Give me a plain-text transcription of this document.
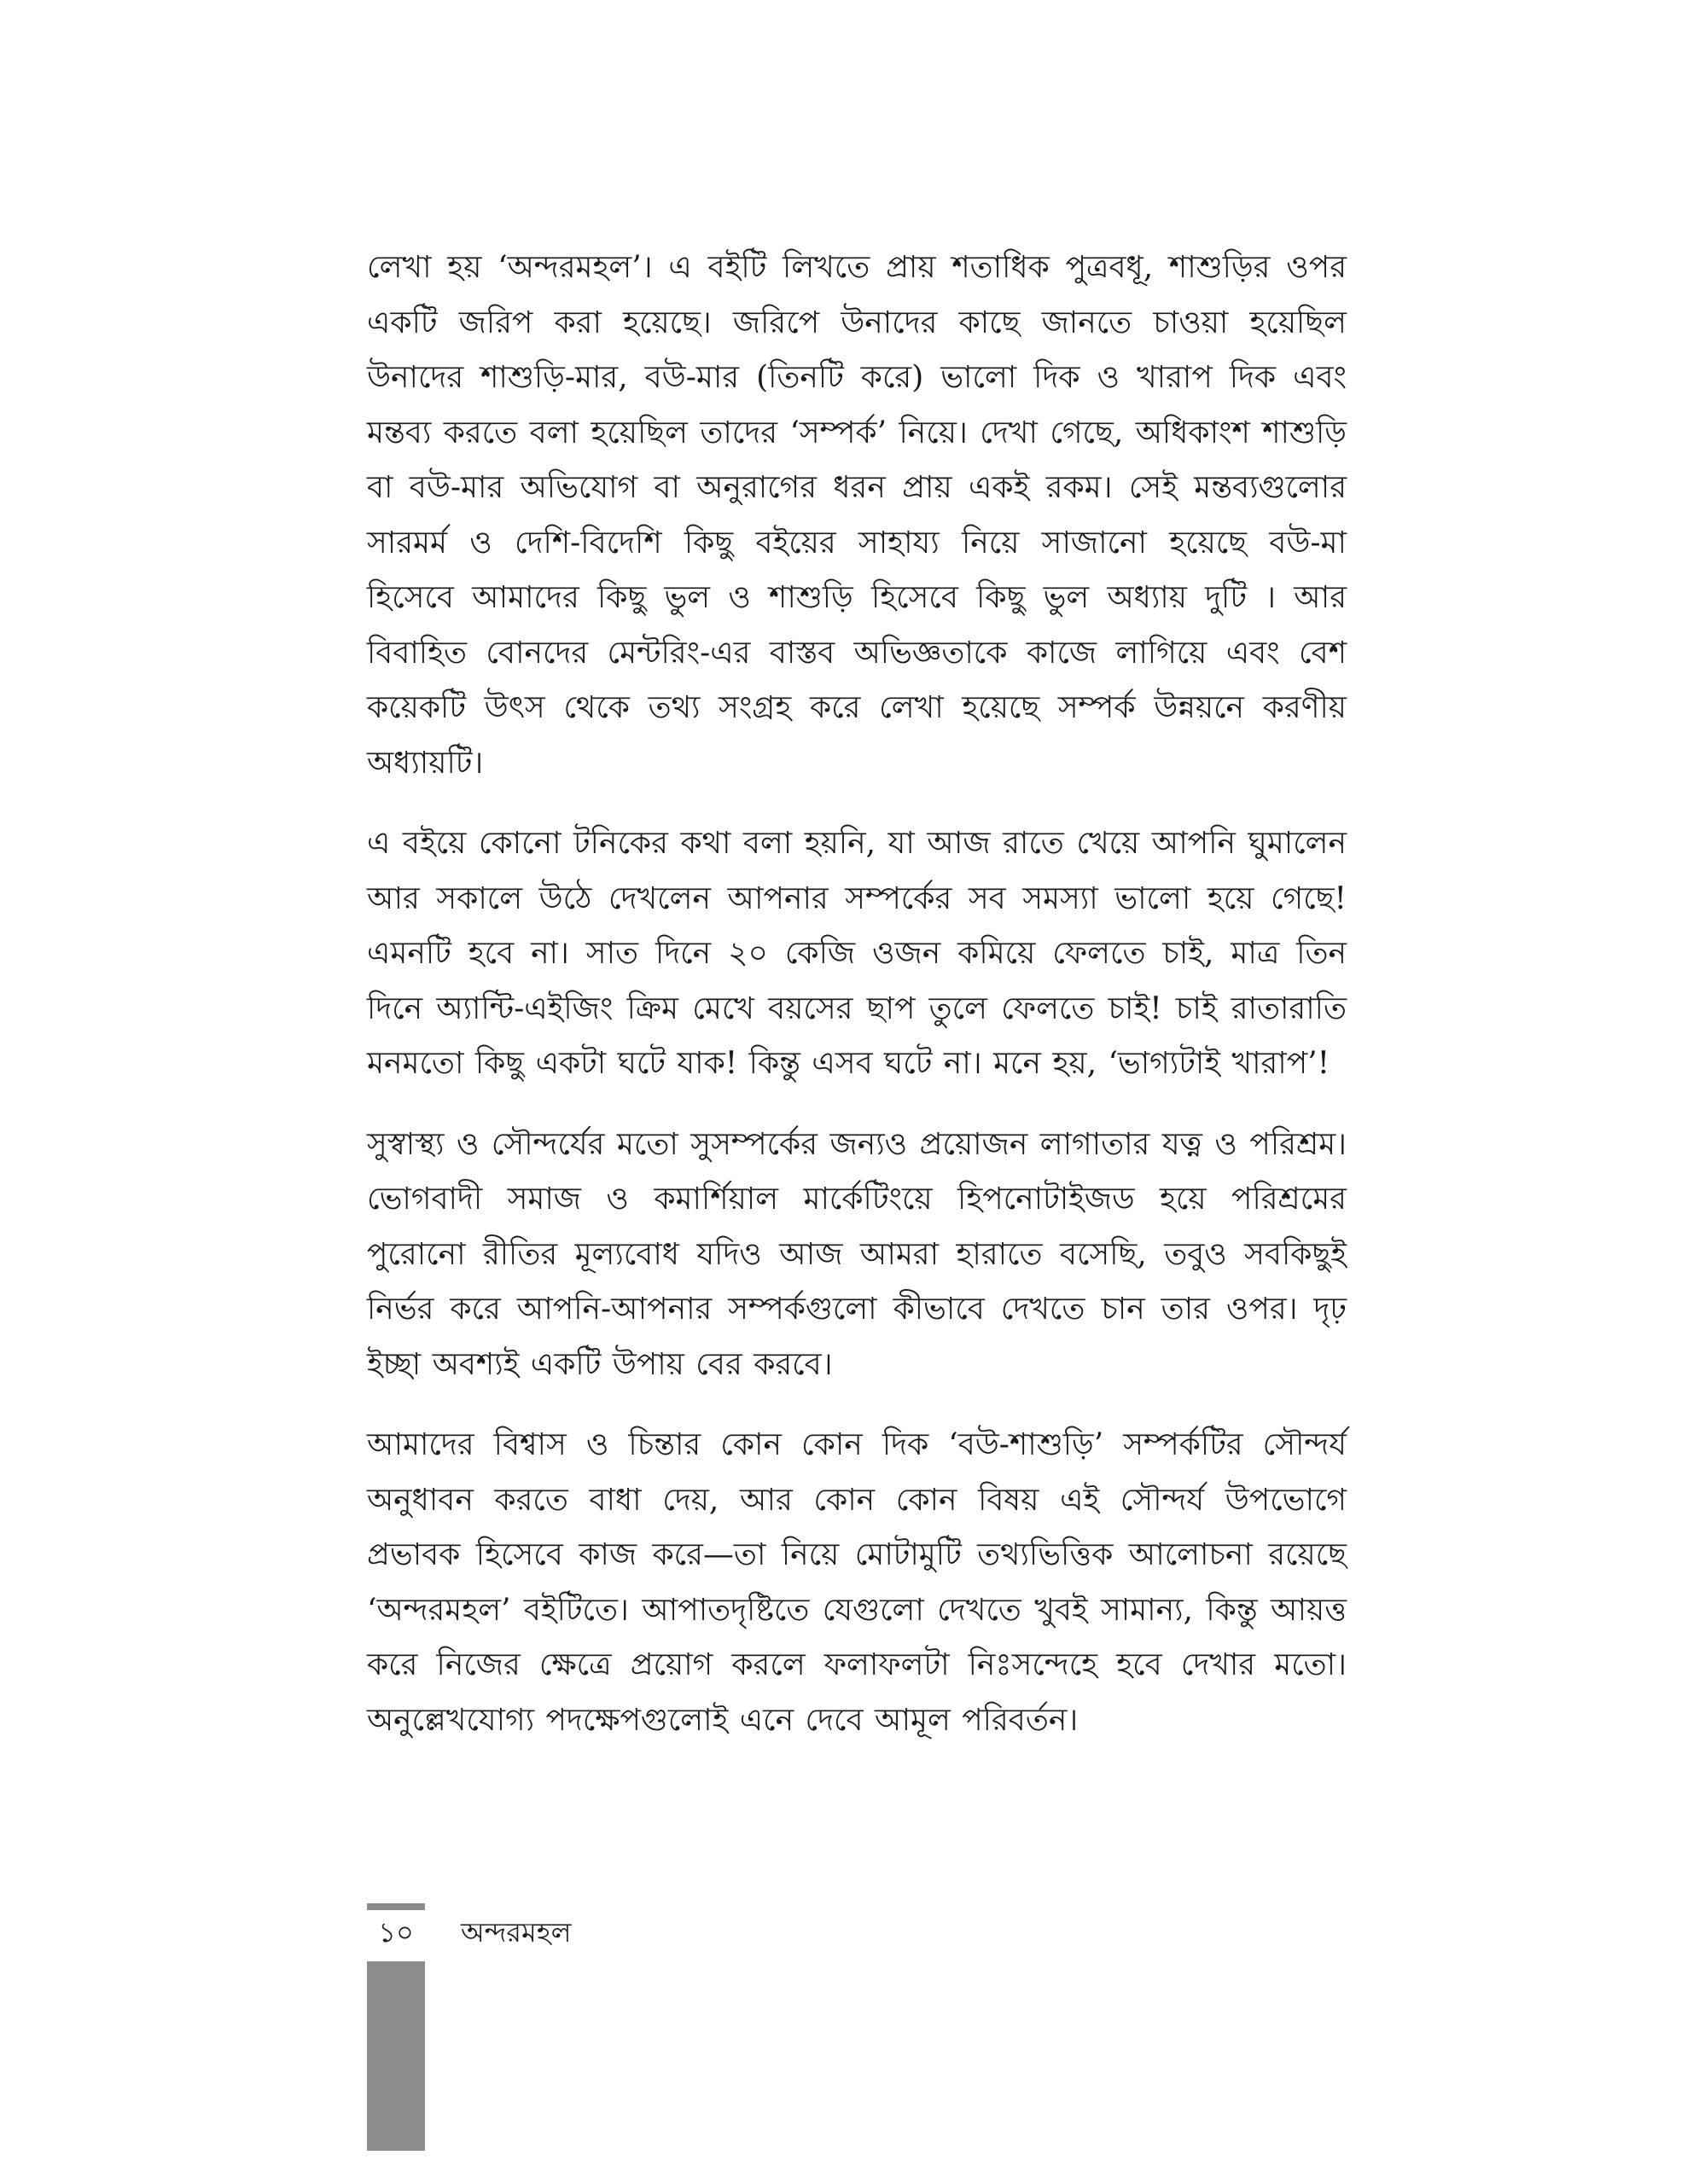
লেখা হয় ‘অন্দরমহল’। এ বইটি লিখতে প্রায় শতাধিক পুত্রবধূ, শাশুড়ির ওপর একটি জরিপ করা হয়েছে। জরিপে উনাদের কাছে জানতে চাওয়া হয়েছিল উনাদের শাশুড়ি-মার, বউ-মার (তিনটি করে) ভালো দিক ও খারাপ দিক এবং মন্তব্য করতে বলা হয়েছিল তাদের ‘সম্পর্ক’ নিয়ে। দেখা গেছে, অধিকাংশ শাশুড়ি বা বউ-মার অভিযোগ বা অনুরাগের ধরন প্রায় একই রকম। সেই মন্তব্যগুলোর সারমর্ম ও দেশি-বিদেশি কিছু বইয়ের সাহায্য নিয়ে সাজানো হয়েছে বউ-মা হিসেবে আমাদের কিছু ভুল ও শাশুড়ি হিসেবে কিছু ভুল অধ্যায় দুটি । আর বিবাহিত বোনদের মেন্টরিং-এর বাস্তব অভিজ্ঞতাকে কাজে লাগিয়ে এবং বেশ কয়েকটি উৎস থেকে তথ্য সংগ্রহ করে লেখা হয়েছে সম্পর্ক উন্নয়নে করণীয় অধ্যায়টি।

এ বইয়ে কোনো টনিকের কথা বলা হয়নি, যা আজ রাতে খেয়ে আপনি ঘুমালেন আর সকালে উঠে দেখলেন আপনার সম্পর্কের সব সমস্যা ভালো হয়ে গেছে! এমনটি হবে না। সাত দিনে ২০ কেজি ওজন কমিয়ে ফেলতে চাই, মাত্র তিন দিনে অ্যান্টি-এইজিং ক্রিম মেখে বয়সের ছাপ তুলে ফেলতে চাই! চাই রাতারাতি মনমতো কিছু একটা ঘটে যাক! কিন্তু এসব ঘটে না। মনে হয়, ‘ভাগ্যটাই খারাপ’!

সুস্বাস্থ্য ও সৌন্দর্যের মতো সুসম্পর্কের জন্যও প্রয়োজন লাগাতার যত্ন ও পরিশ্রম। ভোগবাদী সমাজ ও কমার্শিয়াল মার্কেটিংয়ে হিপনোটাইজড হয়ে পরিশ্রমের পুরোনো রীতির মূল্যবোধ যদিও আজ আমরা হারাতে বসেছি, তবুও সবকিছুই নির্ভর করে আপনি-আপনার সম্পর্কগুলো কীভাবে দেখতে চান তার ওপর। দৃঢ় ইচ্ছা অবশ্যই একটি উপায় বের করবে।

আমাদের বিশ্বাস ও চিন্তার কোন কোন দিক ‘বউ-শাশুড়ি’ সম্পর্কটির সৌন্দর্য অনুধাবন করতে বাধা দেয়, আর কোন কোন বিষয় এই সৌন্দর্য উপভোগে প্রভাবক হিসেবে কাজ করে—তা নিয়ে মোটামুটি তথ্যভিত্তিক আলোচনা রয়েছে ‘অন্দরমহল’ বইটিতে। আপাতদৃষ্টিতে যেগুলো দেখতে খুবই সামান্য, কিন্তু আয়ত্ত করে নিজের ক্ষেত্রে প্রয়োগ করলে ফলাফলটা নিঃসন্দেহে হবে দেখার মতো। অনুল্লেখযোগ্য পদক্ষেপগুলোই এনে দেবে আমূল পরিবর্তন।

১০	অন্দরমহল
